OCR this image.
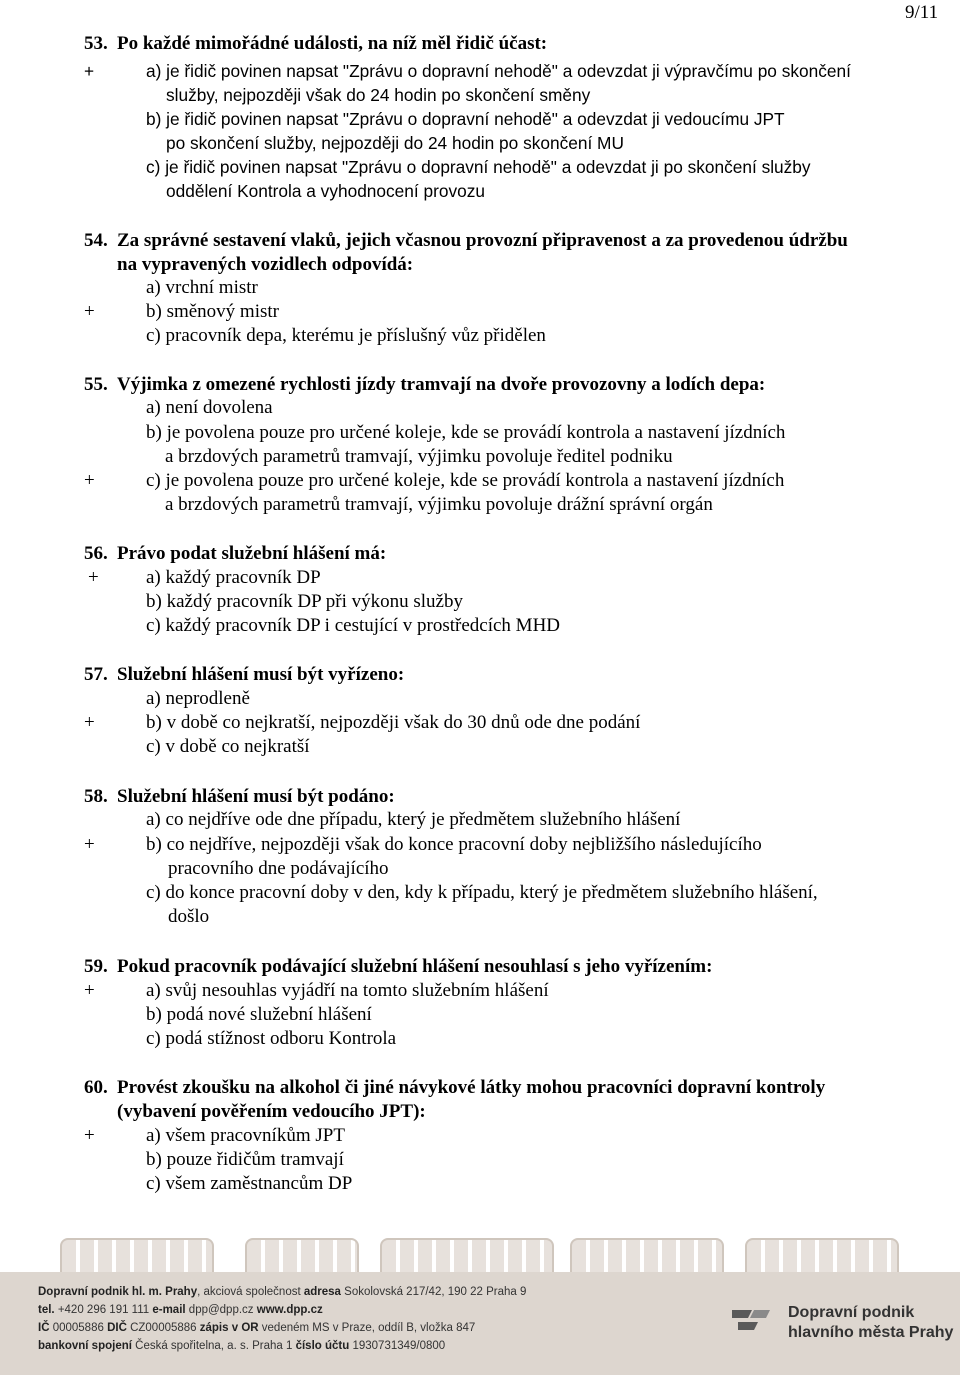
9/11
53. Po každé mimořádné události, na níž měl řidič účast:
+	a) je řidič povinen napsat "Zprávu o dopravní nehodě" a odevzdat ji výpravčímu po skončení
služby, nejpozději však do 24 hodin po skončení směny
b) je řidič povinen napsat "Zprávu o dopravní nehodě" a odevzdat ji vedoucímu JPT
po skončení služby, nejpozději do 24 hodin po skončení MU
c) je řidič povinen napsat "Zprávu o dopravní nehodě" a odevzdat ji po skončení služby
oddělení Kontrola a vyhodnocení provozu
54. Za správné sestavení vlaků, jejich včasnou provozní připravenost a za provedenou údržbu
na vypravených vozidlech odpovídá:
a) vrchní mistr
+	b) směnový mistr
c) pracovník depa, kterému je příslušný vůz přidělen
55. Výjimka z omezené rychlosti jízdy tramvají na dvoře provozovny a lodích depa:
a) není dovolena
b) je povolena pouze pro určené koleje, kde se provádí kontrola a nastavení jízdních
a brzdových parametrů tramvají, výjimku povoluje ředitel podniku
+	c) je povolena pouze pro určené koleje, kde se provádí kontrola a nastavení jízdních
a brzdových parametrů tramvají, výjimku povoluje drážní správní orgán
56. Právo podat služební hlášení má:
+ a) každý pracovník DP
b) každý pracovník DP při výkonu služby
c) každý pracovník DP i cestující v prostředcích MHD
57. Služební hlášení musí být vyřízeno:
a) neprodleně
+	b) v době co nejkratší, nejpozději však do 30 dnů ode dne podání
c) v době co nejkratší
58. Služební hlášení musí být podáno:
a) co nejdříve ode dne případu, který je předmětem služebního hlášení
+	b) co nejdříve, nejpozději však do konce pracovní doby nejbližšího následujícího
pracovního dne podávajícího
c) do konce pracovní doby v den, kdy k případu, který je předmětem služebního hlášení,
došlo
59. Pokud pracovník podávající služební hlášení nesouhlasí s jeho vyřízením:
+	a) svůj nesouhlas vyjádří na tomto služebním hlášení
b) podá nové služební hlášení
c) podá stížnost odboru Kontrola
60. Provést zkoušku na alkohol či jiné návykové látky mohou pracovníci dopravní kontroly
(vybavení pověřením vedoucího JPT):
+	a) všem pracovníkům JPT
b) pouze řidičům tramvají
c) všem zaměstnancům DP
Dopravní podnik hl. m. Prahy, akciová společnost adresa Sokolovská 217/42, 190 22 Praha 9
tel. +420 296 191 111 e-mail dpp@dpp.cz www.dpp.cz
IČ 00005886 DIČ CZ00005886 zápis v OR vedeném MS v Praze, oddíl B, vložka 847
bankovní spojení Česká spořitelna, a. s. Praha 1 číslo účtu 1930731349/0800
Dopravní podnik
hlavního města Prahy
